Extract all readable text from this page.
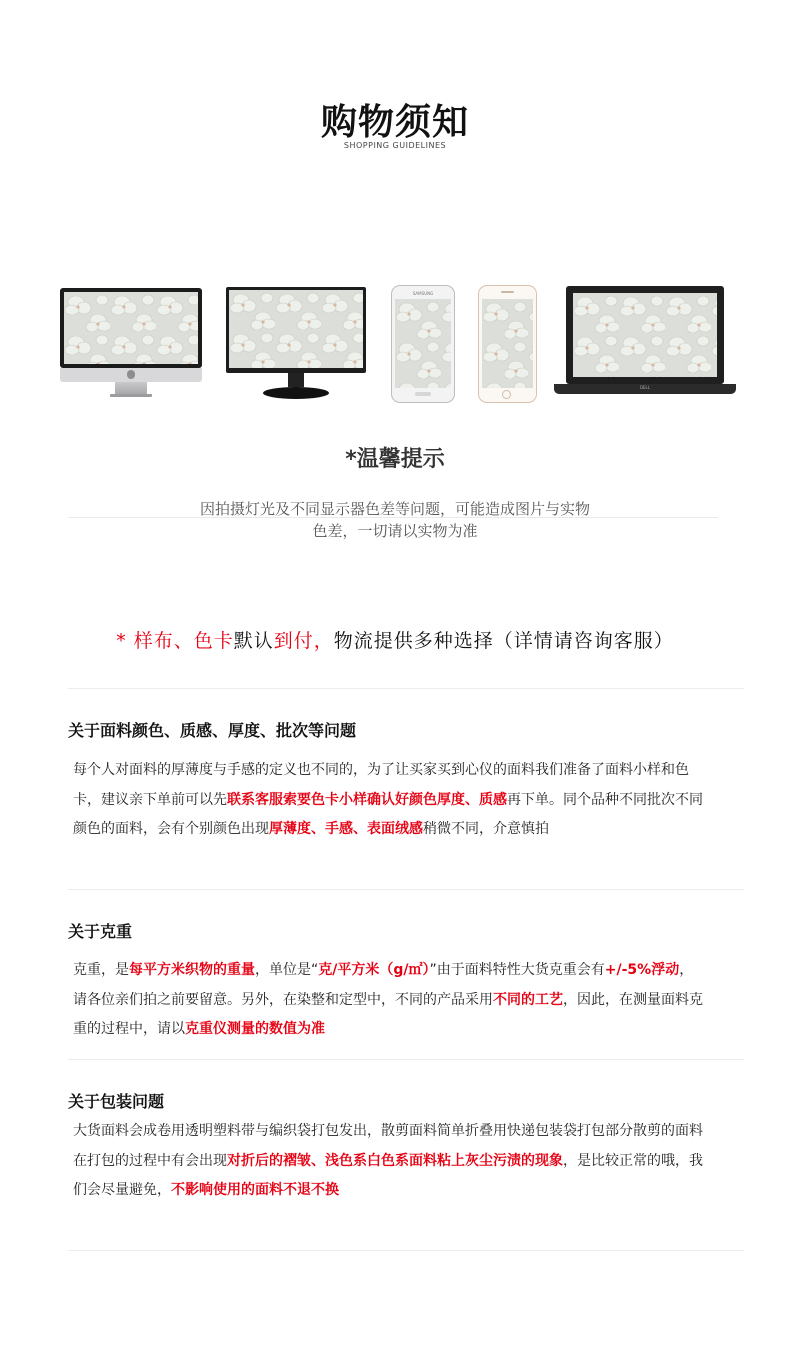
购物须知
SHOPPING GUIDELINES
SAMSUNG
DELL
*温馨提示
因拍摄灯光及不同显示器色差等问题，可能造成图片与实物
色差，一切请以实物为准
* 样布、色卡默认到付，物流提供多种选择（详情请咨询客服）
关于面料颜色、质感、厚度、批次等问题
每个人对面料的厚薄度与手感的定义也不同的，为了让买家买到心仪的面料我们准备了面料小样和色卡，建议亲下单前可以先联系客服索要色卡小样确认好颜色厚度、质感再下单。同个品种不同批次不同颜色的面料，会有个别颜色出现厚薄度、手感、表面绒感稍微不同，介意慎拍
关于克重
克重，是每平方米织物的重量，单位是“克/平方米（g/㎡）”由于面料特性大货克重会有+/-5%浮动，请各位亲们拍之前要留意。另外，在染整和定型中，不同的产品采用不同的工艺，因此，在测量面料克重的过程中，请以克重仪测量的数值为准
关于包装问题
大货面料会成卷用透明塑料带与编织袋打包发出，散剪面料简单折叠用快递包装袋打包部分散剪的面料在打包的过程中有会出现对折后的褶皱、浅色系白色系面料粘上灰尘污渍的现象，是比较正常的哦，我们会尽量避免，不影响使用的面料不退不换
